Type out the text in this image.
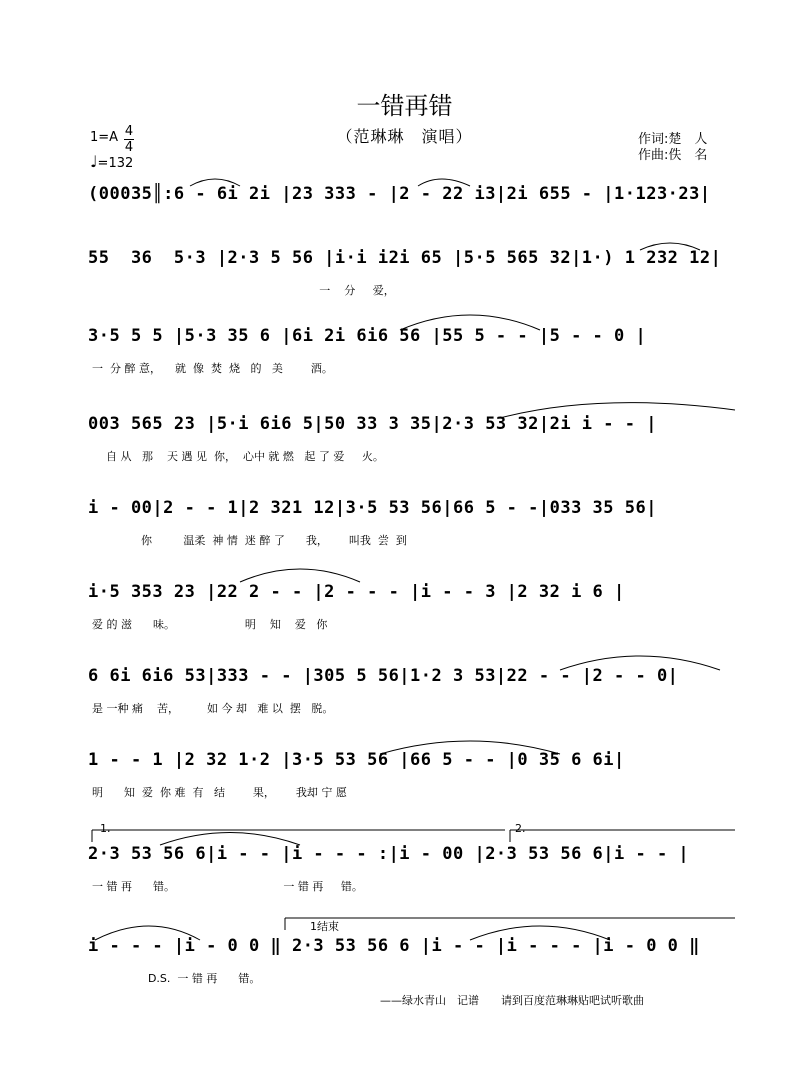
一错再错
（范琳琳　演唱）	作词:楚　人
作曲:佚　名
1=A 4
4
♩=132
(00035║:6 - 6i 2i |23 333 - |2 - 22 i3|2i 655 - |1·123·23|
55  36  5·3 |2·3 5 56 |i·i i2i 65 |5·5 565 32|1·) 1 232 12|
一    分     爱，
3·5 5 5 |5·3 35 6 |6i 2i 6i6 56 |55 5 - - |5 - - 0 |
一  分 醉 意，    就  像  焚  烧   的   美        酒。
003 565 23 |5·i 6i6 5|50 33 3 35|2·3 53 32|2i i - - |
自 从   那    天 遇 见  你，  心中 就 燃   起 了 爱     火。
i - 00|2 - - 1|2 321 12|3·5 53 56|66 5 - -|033 35 56|
你         温柔  神 情  迷 醉 了      我，      叫我  尝  到
i·5 353 23 |22 2 - - |2 - - - |i - - 3 |2 32 i 6 |
爱 的 滋      味。                    明    知    爱   你
6 6i 6i6 53|333 - - |305 5 56|1·2 3 53|22 - - |2 - - 0|
是 一种 痛    苦，        如 今 却   难 以  摆   脱。
1 - - 1 |2 32 1·2 |3·5 53 56 |66 5 - - |0 35 6 6i|
明      知  爱  你 难  有   结        果，      我却 宁 愿
1.	2.
2·3 53 56 6|i - - |i - - - :|i - 00 |2·3 53 56 6|i - - |
一 错 再      错。                               一 错 再     错。
1结束
i - - - |i - 0 0 ‖ 2·3 53 56 6 |i - - |i - - - |i - 0 0 ‖
D.S.  一 错 再      错。
——绿水青山　记谱　　请到百度范琳琳贴吧试听歌曲
